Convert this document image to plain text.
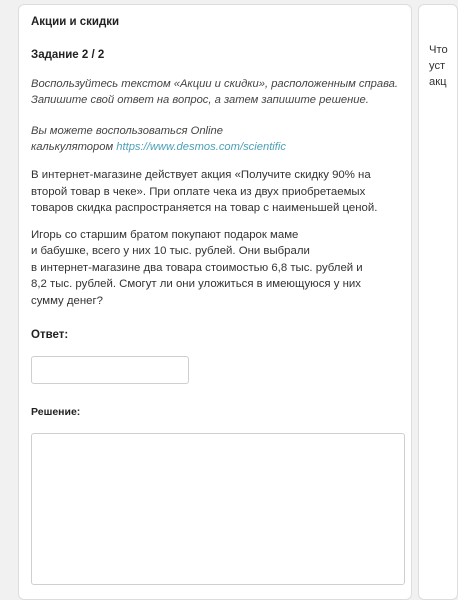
Акции и скидки
Задание 2 / 2
Воспользуйтесь текстом «Акции и скидки», расположенным справа.
Запишите свой ответ на вопрос, а затем запишите решение.
Вы можете воспользоваться Online
калькулятором https://www.desmos.com/scientific
В интернет-магазине действует акция «Получите скидку 90% на
второй товар в чеке». При оплате чека из двух приобретаемых
товаров скидка распространяется на товар с наименьшей ценой.
Игорь со старшим братом покупают подарок маме
и бабушке, всего у них 10 тыс. рублей. Они выбрали
в интернет-магазине два товара стоимостью 6,8 тыс. рублей и
8,2 тыс. рублей. Смогут ли они уложиться в имеющуюся у них
сумму денег?
Ответ:
Решение:
Что
уст
акц
